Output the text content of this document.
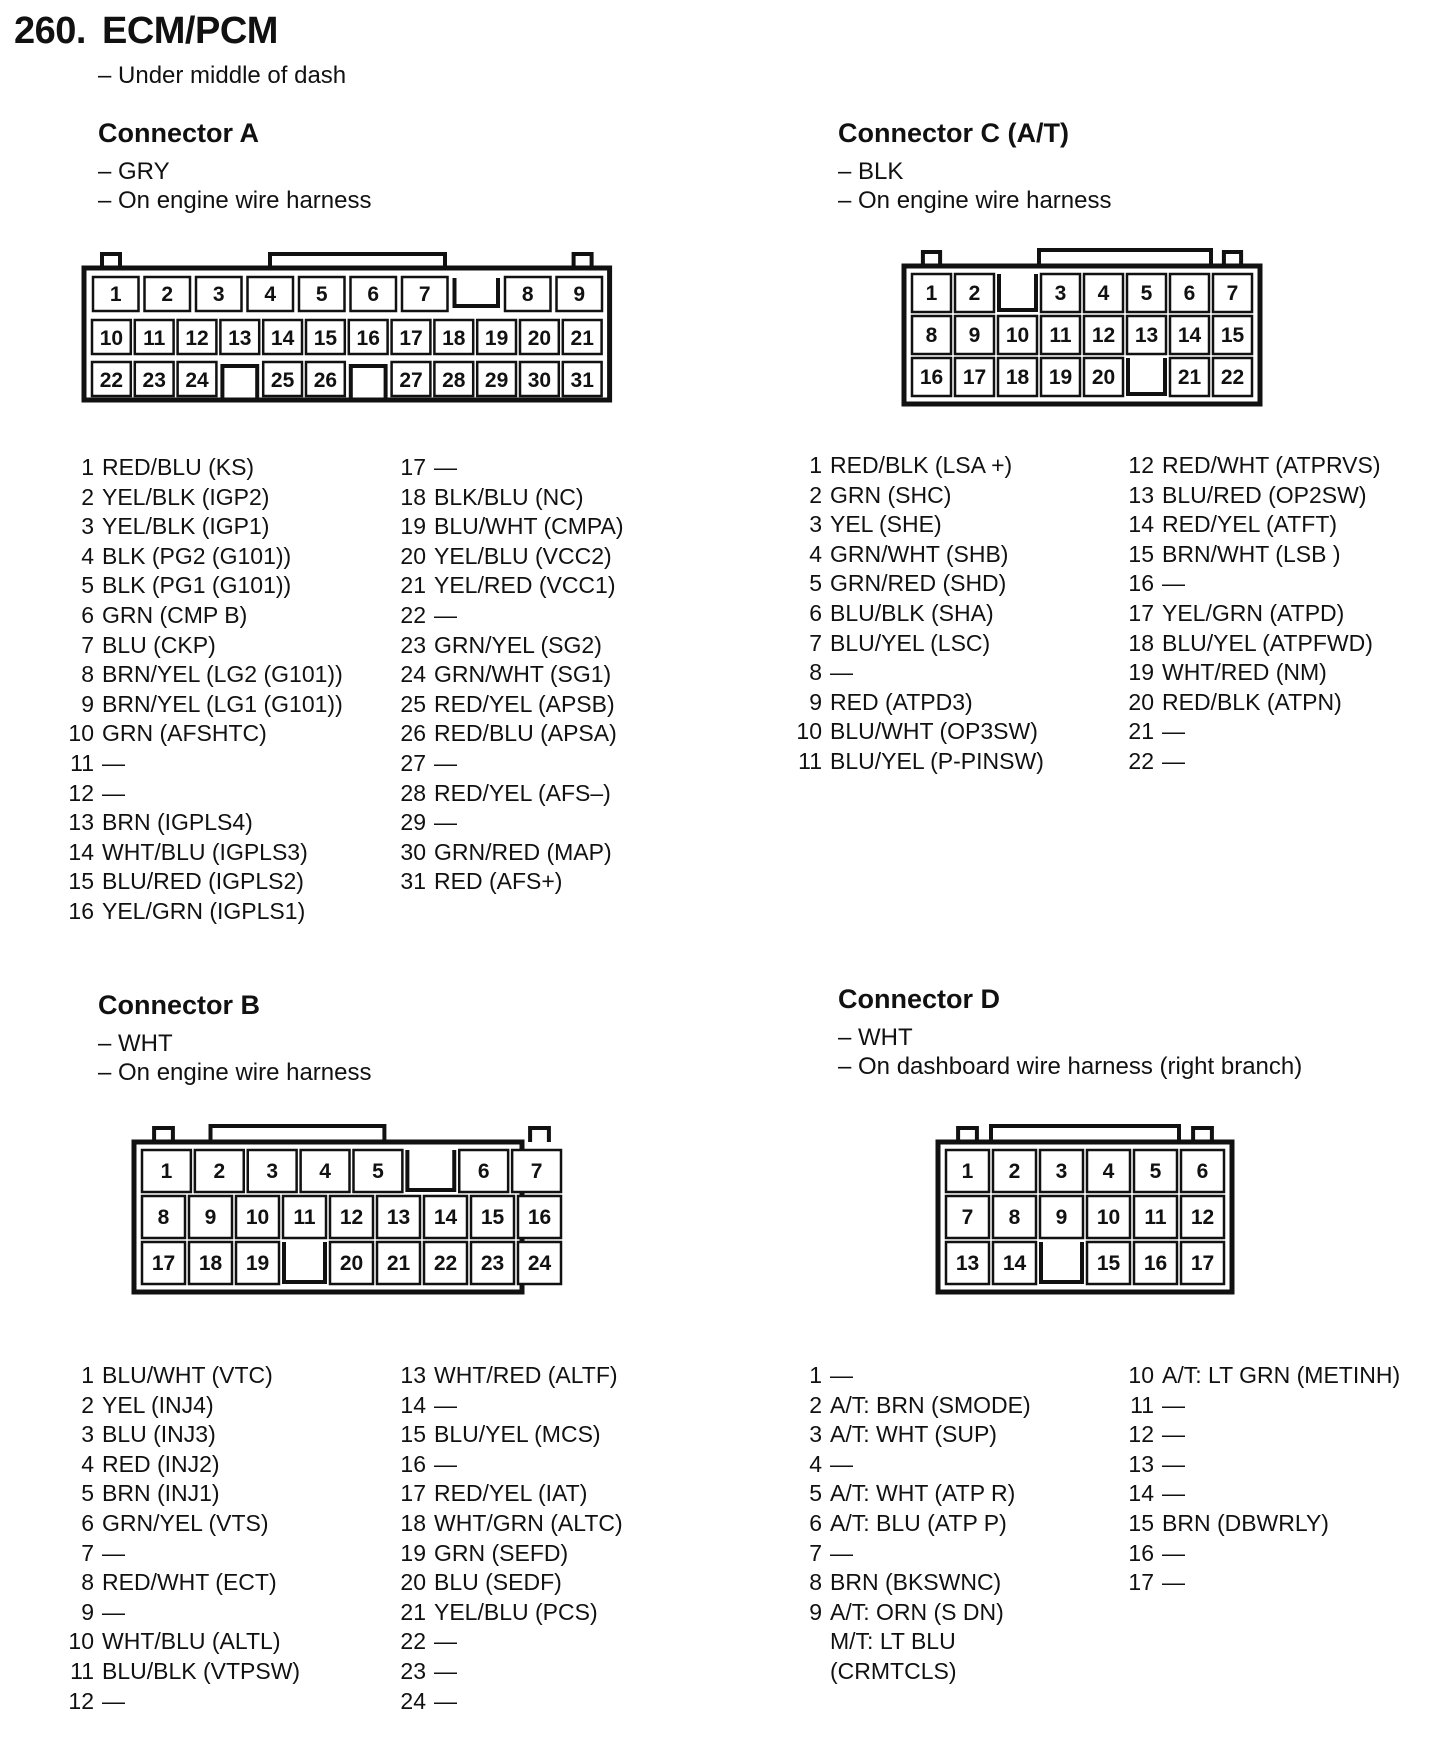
260. ECM/PCM
– Under middle of dash
Connector A
– GRY
– On engine wire harness
1 2 3 4 5 6 7	8 9
10 11 12 13 14 15 16 17 18 19 20 21
22 23 24	25 26	27 28 29 30 31
1 RED/BLU (KS)
2 YEL/BLK (IGP2)
3 YEL/BLK (IGP1)
4 BLK (PG2 (G101))
5 BLK (PG1 (G101))
6 GRN (CMP B)
7 BLU (CKP)
8 BRN/YEL (LG2 (G101))
9 BRN/YEL (LG1 (G101))
10 GRN (AFSHTC)
11 —
12 —
13 BRN (IGPLS4)
14 WHT/BLU (IGPLS3)
15 BLU/RED (IGPLS2)
16 YEL/GRN (IGPLS1)
17 —
18 BLK/BLU (NC)
19 BLU/WHT (CMPA)
20 YEL/BLU (VCC2)
21 YEL/RED (VCC1)
22 —
23 GRN/YEL (SG2)
24 GRN/WHT (SG1)
25 RED/YEL (APSB)
26 RED/BLU (APSA)
27 —
28 RED/YEL (AFS–)
29 —
30 GRN/RED (MAP)
31 RED (AFS+)
Connector C (A/T)
– BLK
– On engine wire harness
1 2	3 4 5 6 7
8 9 10 11 12 13 14 15
16 17 18 19 20	21 22
1 RED/BLK (LSA +)
2 GRN (SHC)
3 YEL (SHE)
4 GRN/WHT (SHB)
5 GRN/RED (SHD)
6 BLU/BLK (SHA)
7 BLU/YEL (LSC)
8 —
9 RED (ATPD3)
10 BLU/WHT (OP3SW)
11 BLU/YEL (P-PINSW)
12 RED/WHT (ATPRVS)
13 BLU/RED (OP2SW)
14 RED/YEL (ATFT)
15 BRN/WHT (LSB )
16 —
17 YEL/GRN (ATPD)
18 BLU/YEL (ATPFWD)
19 WHT/RED (NM)
20 RED/BLK (ATPN)
21 —
22 —
Connector B
– WHT
– On engine wire harness
1 2 3 4 5	6 7
8 9 10 11 12 13 14 15 16
17 18 19	20 21 22 23 24
1 BLU/WHT (VTC)
2 YEL (INJ4)
3 BLU (INJ3)
4 RED (INJ2)
5 BRN (INJ1)
6 GRN/YEL (VTS)
7 —
8 RED/WHT (ECT)
9 —
10 WHT/BLU (ALTL)
11 BLU/BLK (VTPSW)
12 —
13 WHT/RED (ALTF)
14 —
15 BLU/YEL (MCS)
16 —
17 RED/YEL (IAT)
18 WHT/GRN (ALTC)
19 GRN (SEFD)
20 BLU (SEDF)
21 YEL/BLU (PCS)
22 —
23 —
24 —
Connector D
– WHT
– On dashboard wire harness (right branch)
1 2 3 4 5 6
7 8 9 10 11 12
13 14	15 16 17
1 —
2 A/T: BRN (SMODE)
3 A/T: WHT (SUP)
4 —
5 A/T: WHT (ATP R)
6 A/T: BLU (ATP P)
7 —
8 BRN (BKSWNC)
9 A/T: ORN (S DN)
M/T: LT BLU
(CRMTCLS)
10 A/T: LT GRN (METINH)
11 —
12 —
13 —
14 —
15 BRN (DBWRLY)
16 —
17 —
